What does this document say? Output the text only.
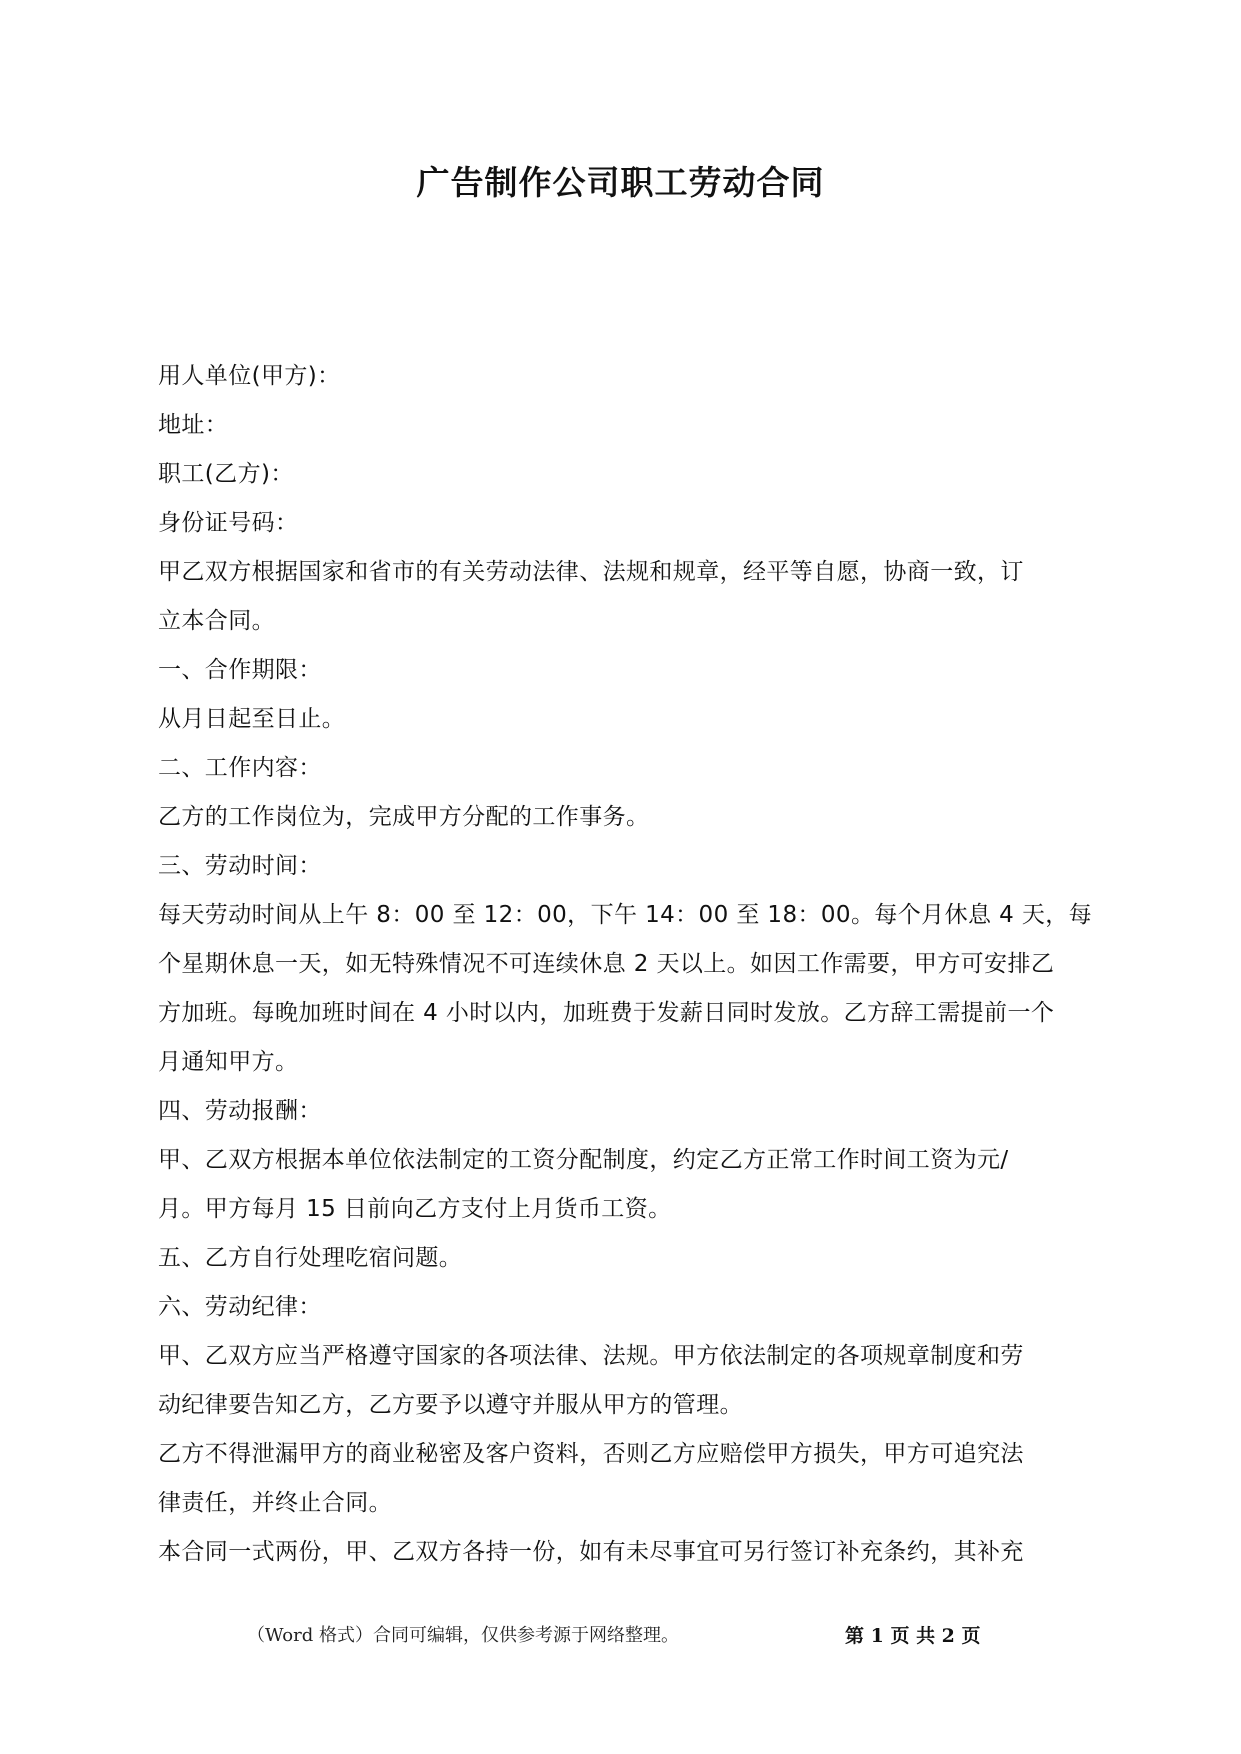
广告制作公司职工劳动合同

用人单位(甲方)：

地址：

职工(乙方)：

身份证号码：

甲乙双方根据国家和省市的有关劳动法律、法规和规章，经平等自愿，协商一致，订

立本合同。

一、合作期限：

从月日起至日止。

二、工作内容：

乙方的工作岗位为，完成甲方分配的工作事务。

三、劳动时间：

每天劳动时间从上午 8：00 至 12：00，下午 14：00 至 18：00。每个月休息 4 天，每

个星期休息一天，如无特殊情况不可连续休息 2 天以上。如因工作需要，甲方可安排乙

方加班。每晚加班时间在 4 小时以内，加班费于发薪日同时发放。乙方辞工需提前一个

月通知甲方。

四、劳动报酬：

甲、乙双方根据本单位依法制定的工资分配制度，约定乙方正常工作时间工资为元/

月。甲方每月 15 日前向乙方支付上月货币工资。

五、乙方自行处理吃宿问题。

六、劳动纪律：

甲、乙双方应当严格遵守国家的各项法律、法规。甲方依法制定的各项规章制度和劳

动纪律要告知乙方，乙方要予以遵守并服从甲方的管理。

乙方不得泄漏甲方的商业秘密及客户资料，否则乙方应赔偿甲方损失，甲方可追究法

律责任，并终止合同。

本合同一式两份，甲、乙双方各持一份，如有未尽事宜可另行签订补充条约，其补充

（Word 格式）合同可编辑，仅供参考源于网络整理。	第 1 页 共 2 页
